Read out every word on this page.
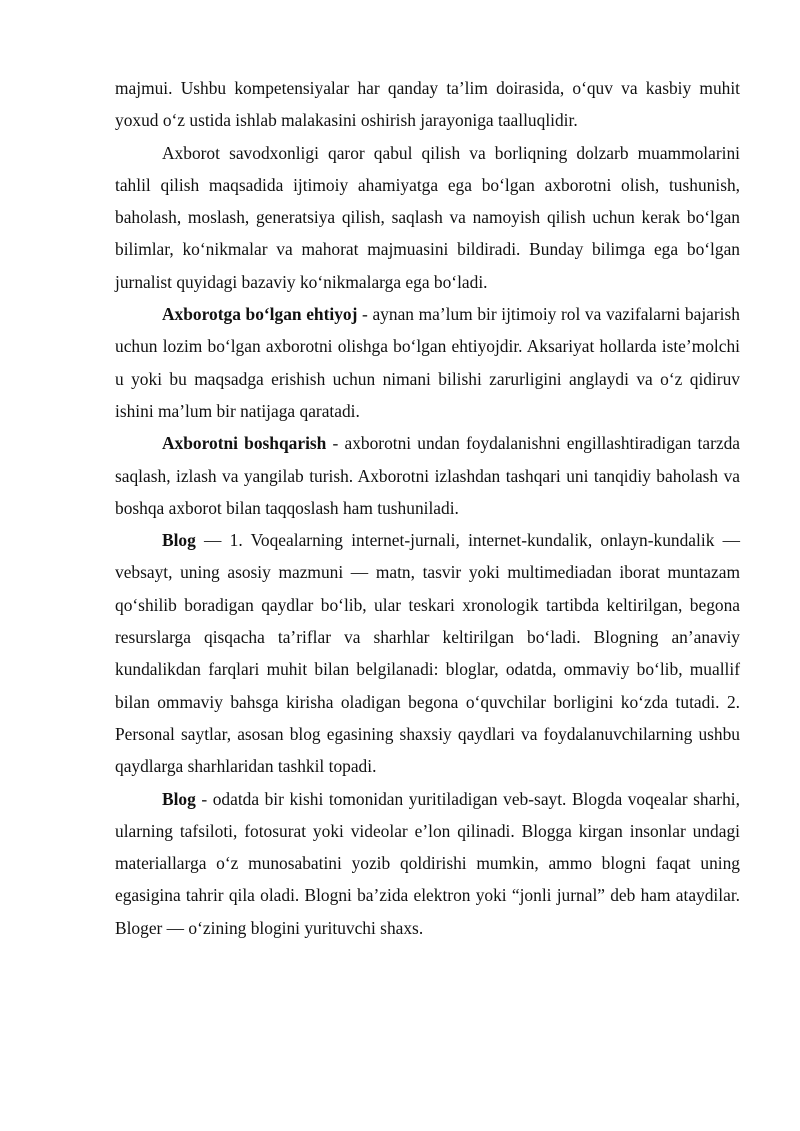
majmui. Ushbu kompetensiyalar har qanday ta’lim doirasida, o‘quv va kasbiy muhit yoxud o‘z ustida ishlab malakasini oshirish jarayoniga taalluqlidir.

Axborot savodxonligi qaror qabul qilish va borliqning dolzarb muammolarini tahlil qilish maqsadida ijtimoiy ahamiyatga ega bo‘lgan axborotni olish, tushunish, baholash, moslash, generatsiya qilish, saqlash va namoyish qilish uchun kerak bo‘lgan bilimlar, ko‘nikmalar va mahorat majmuasini bildiradi. Bunday bilimga ega bo‘lgan jurnalist quyidagi bazaviy ko‘nikmalarga ega bo‘ladi.

Axborotga bo‘lgan ehtiyoj - aynan ma’lum bir ijtimoiy rol va vazifalarni bajarish uchun lozim bo‘lgan axborotni olishga bo‘lgan ehtiyojdir. Aksariyat hollarda iste’molchi u yoki bu maqsadga erishish uchun nimani bilishi zarurligini anglaydi va o‘z qidiruv ishini ma’lum bir natijaga qaratadi.

Axborotni boshqarish - axborotni undan foydalanishni engillashtiradigan tarzda saqlash, izlash va yangilab turish. Axborotni izlashdan tashqari uni tanqidiy baholash va boshqa axborot bilan taqqoslash ham tushuniladi.

Blog — 1. Voqealarning internet-jurnali, internet-kundalik, onlayn-kundalik — vebsayt, uning asosiy mazmuni — matn, tasvir yoki multimediadan iborat muntazam qo‘shilib boradigan qaydlar bo‘lib, ular teskari xronologik tartibda keltirilgan, begona resurslarga qisqacha ta’riflar va sharhlar keltirilgan bo‘ladi. Blogning an’anaviy kundalikdan farqlari muhit bilan belgilanadi: bloglar, odatda, ommaviy bo‘lib, muallif bilan ommaviy bahsga kirisha oladigan begona o‘quvchilar borligini ko‘zda tutadi. 2. Personal saytlar, asosan blog egasining shaxsiy qaydlari va foydalanuvchilarning ushbu qaydlarga sharhlaridan tashkil topadi.

Blog - odatda bir kishi tomonidan yuritiladigan veb-sayt. Blogda voqealar sharhi, ularning tafsiloti, fotosurat yoki videolar e’lon qilinadi. Blogga kirgan insonlar undagi materiallarga o‘z munosabatini yozib qoldirishi mumkin, ammo blogni faqat uning egasigina tahrir qila oladi. Blogni ba’zida elektron yoki “jonli jurnal” deb ham ataydilar. Bloger — o‘zining blogini yurituvchi shaxs.
